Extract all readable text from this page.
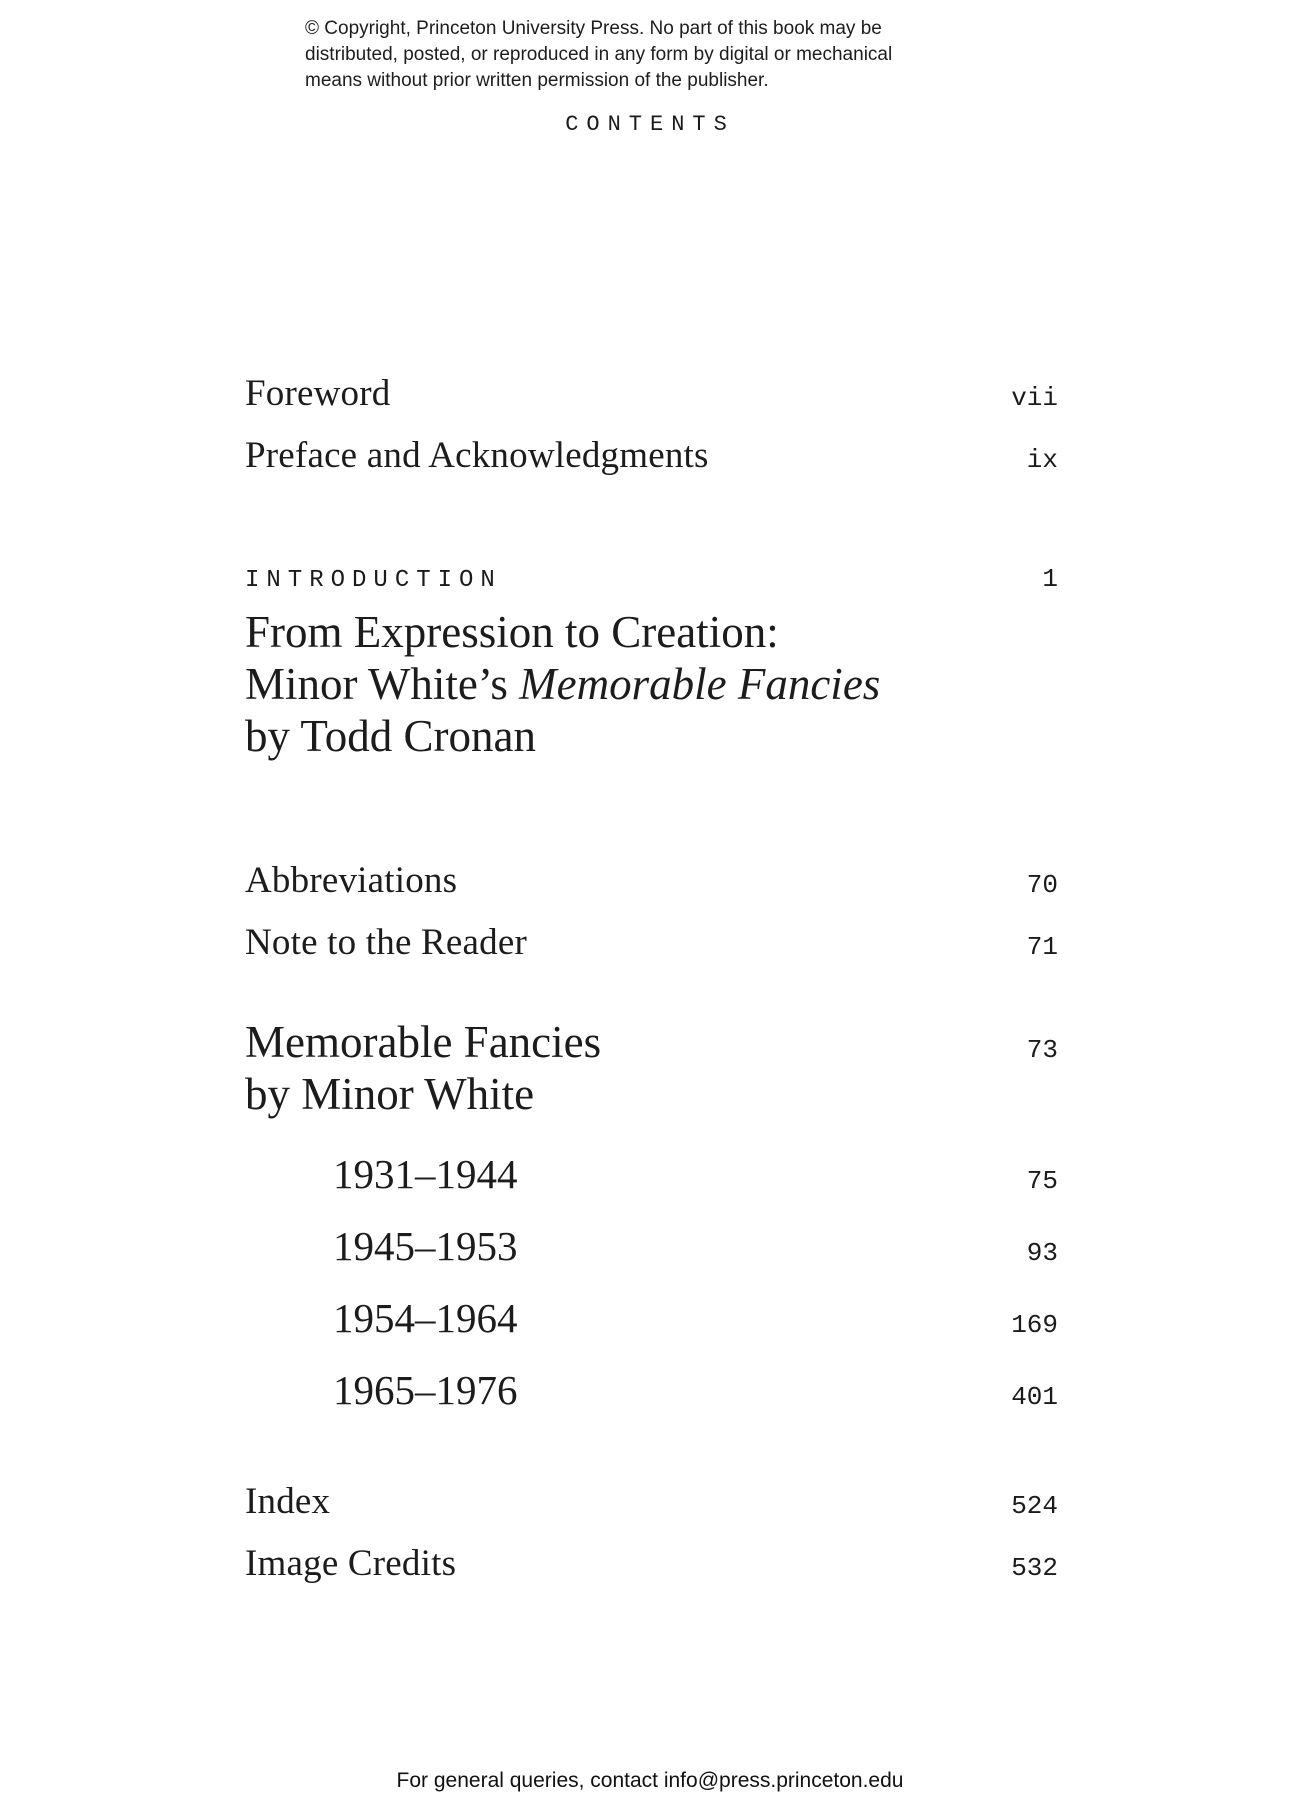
© Copyright, Princeton University Press. No part of this book may be
distributed, posted, or reproduced in any form by digital or mechanical
means without prior written permission of the publisher.
CONTENTS
Foreword	vii
Preface and Acknowledgments	ix
INTRODUCTION	1
From Expression to Creation:
Minor White’s Memorable Fancies
by Todd Cronan
Abbreviations	70
Note to the Reader	71
Memorable Fancies	73
by Minor White
1931–1944	75
1945–1953	93
1954–1964	169
1965–1976	401
Index	524
Image Credits	532
For general queries, contact info@press.princeton.edu
